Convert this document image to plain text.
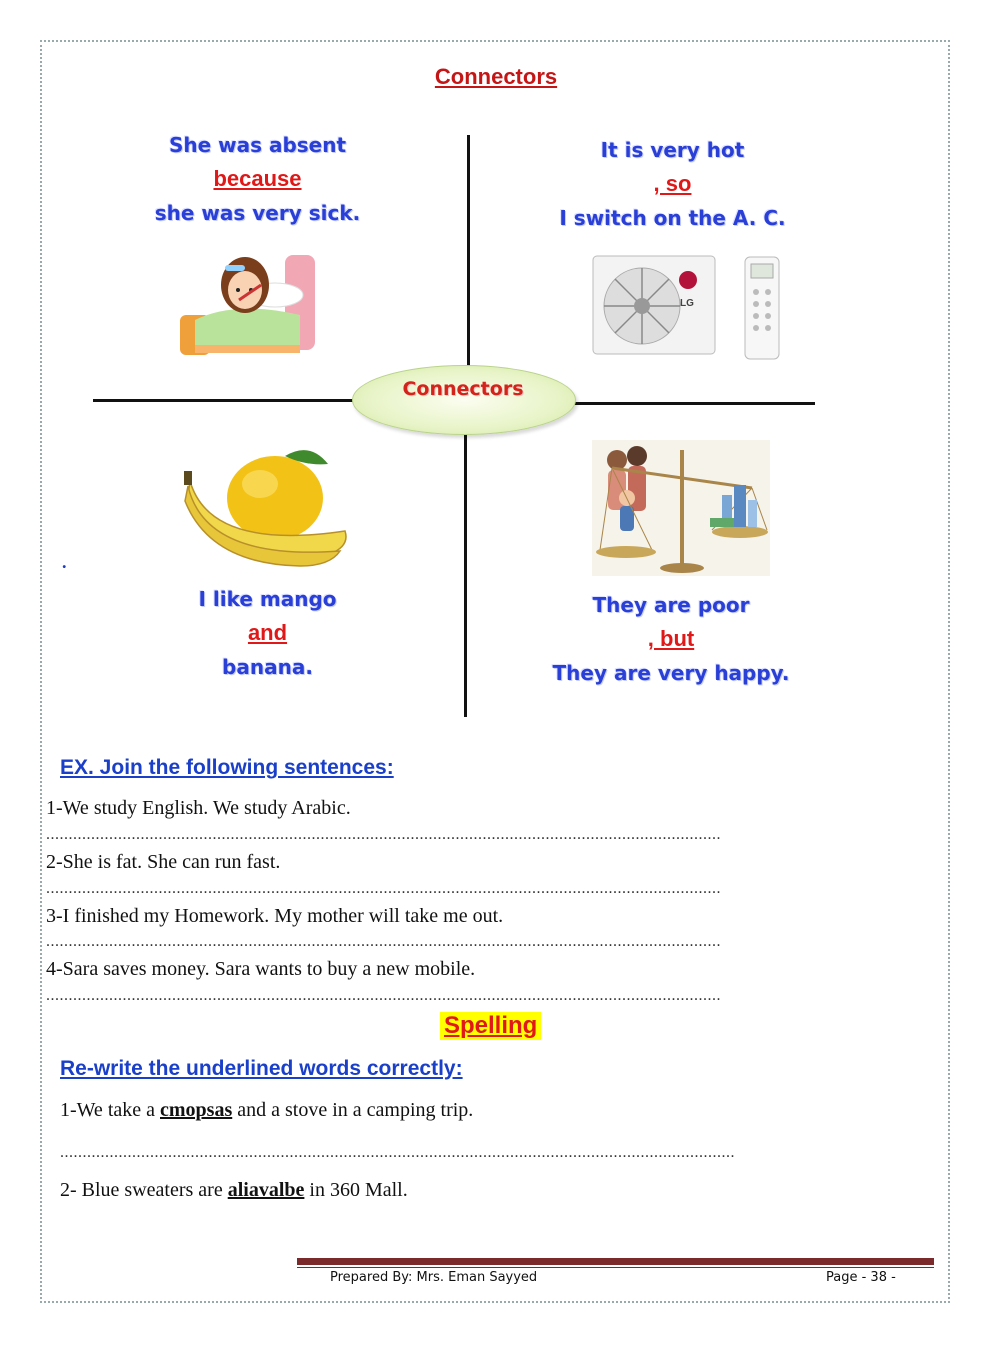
Connectors
Connectors
She was absent
because
she was very sick.
It is very hot
, so
I switch on the A. C.
LG
.
I like mango
and
banana.
They are poor
, but
They are very happy.
EX. Join the following sentences:
1-We study English. We study Arabic.
......................................................................................................................................................
2-She is fat. She can run fast.
......................................................................................................................................................
3-I finished my Homework. My mother will take me out.
......................................................................................................................................................
4-Sara saves money. Sara wants to buy a new mobile.
......................................................................................................................................................
Spelling
Re-write the underlined words correctly:
1-We take a cmopsas and a stove in a camping trip.
......................................................................................................................................................
2- Blue sweaters are aliavalbe in 360 Mall.
Prepared By: Mrs. Eman Sayyed	Page - 38 -
